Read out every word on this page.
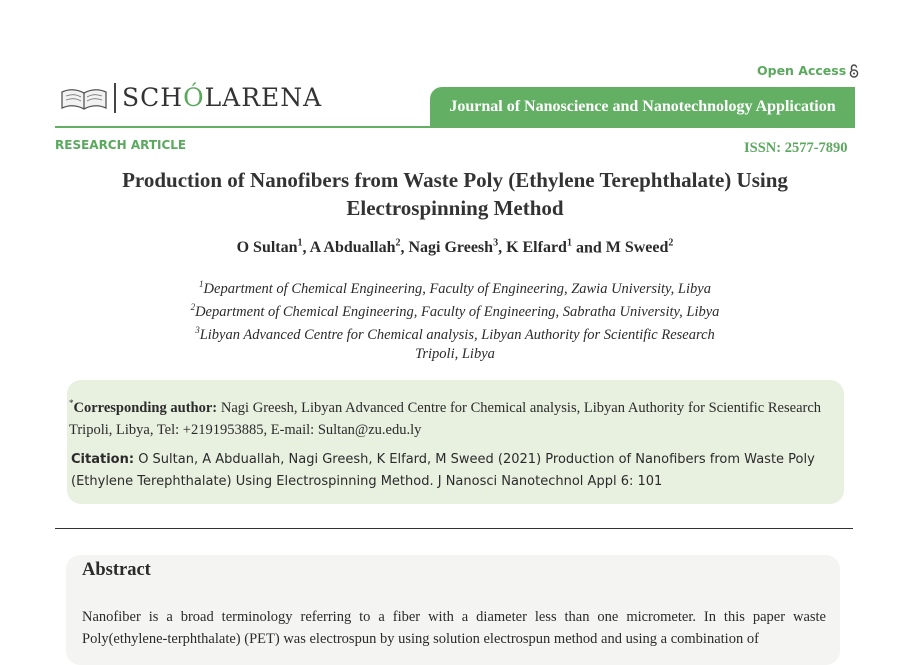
Open Access
SCHÓLARENA	Journal of Nanoscience and Nanotechnology Application
RESEARCH ARTICLE	ISSN: 2577-7890
Production of Nanofibers from Waste Poly (Ethylene Terephthalate) Using
Electrospinning Method
O Sultan$^1$, A Abduallah$^2$, Nagi Greesh$^3$, K Elfard$^1$ and M Sweed$^2$
$^1$Department of Chemical Engineering, Faculty of Engineering, Zawia University, Libya
$^2$Department of Chemical Engineering, Faculty of Engineering, Sabratha University, Libya
$^3$Libyan Advanced Centre for Chemical analysis, Libyan Authority for Scientific Research
Tripoli, Libya
*Corresponding author: Nagi Greesh, Libyan Advanced Centre for Chemical analysis, Libyan Authority for Scientific Research Tripoli, Libya, Tel: +2191953885, E-mail: Sultan@zu.edu.ly
Citation: O Sultan, A Abduallah, Nagi Greesh, K Elfard, M Sweed (2021) Production of Nanofibers from Waste Poly (Ethylene Terephthalate) Using Electrospinning Method. J Nanosci Nanotechnol Appl 6: 101
Abstract
Nanofiber is a broad terminology referring to a fiber with a diameter less than one micrometer. In this paper waste Poly(ethylene-terphthalate) (PET) was electrospun by using solution electrospun method and using a combination of
